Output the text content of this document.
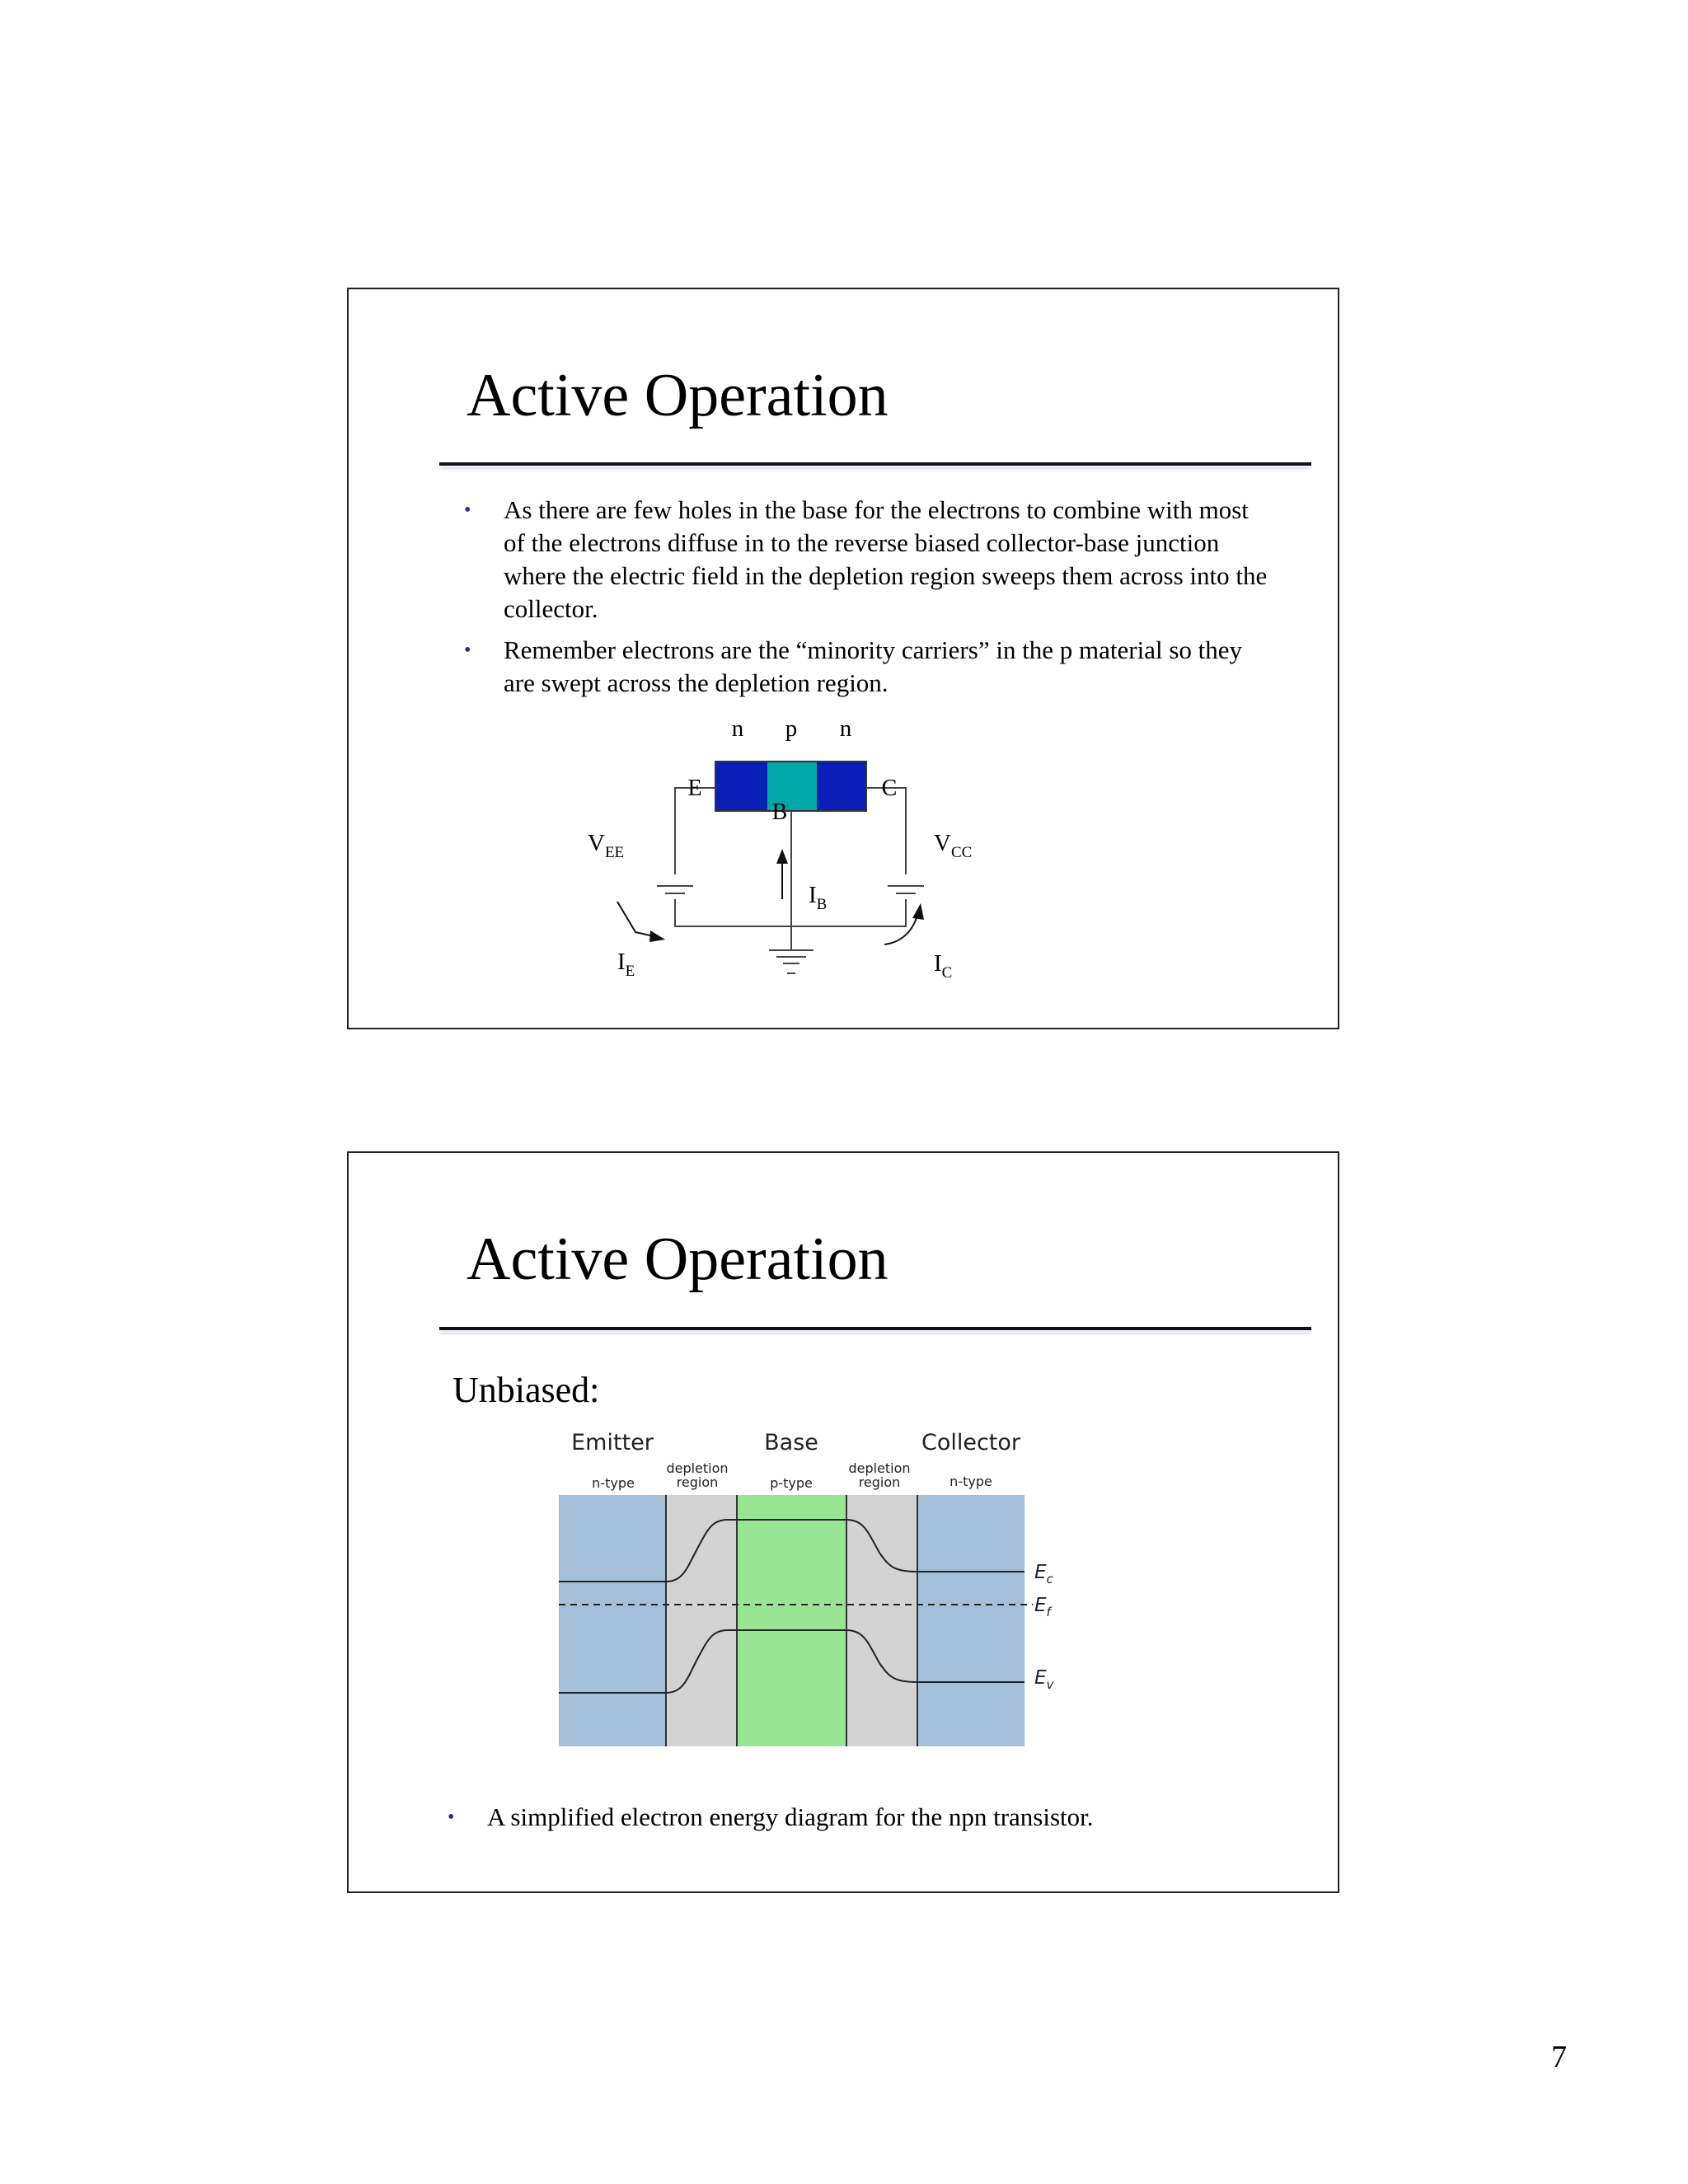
Active Operation
• As there are few holes in the base for the electrons to combine with most of the electrons diffuse in to the reverse biased collector-base junction where the electric field in the depletion region sweeps them across into the collector.
• Remember electrons are the “minority carriers” in the p material so they are swept across the depletion region.
n p n
E
B
C
$V_{EE}$	$V_{CC}$
$I_B$
$I_E$	$I_C$
Active Operation

Unbiased:

Emitter	Base	Collector
n-type
depletion
region	p-type
depletion
region	n-type
$E_c$
$E_f$
$E_v$
• A simplified electron energy diagram for the npn transistor.
7
